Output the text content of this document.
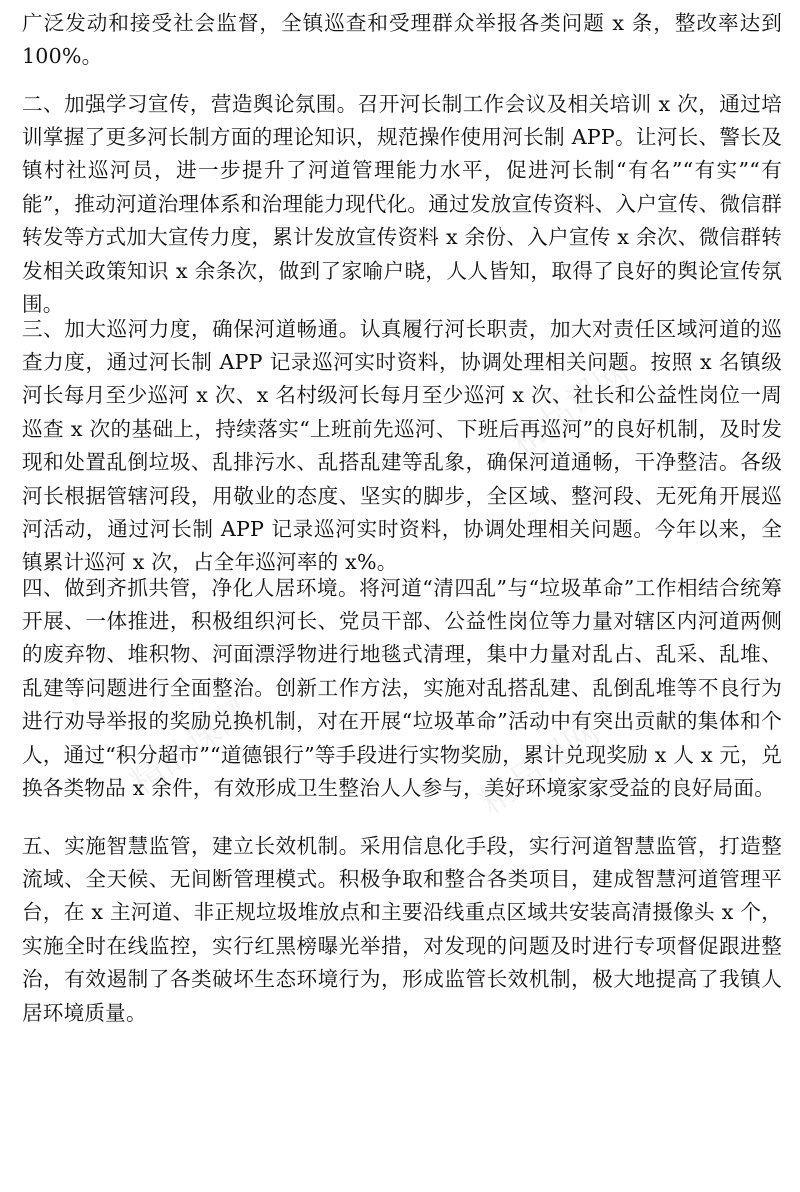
广泛发动和接受社会监督，全镇巡查和受理群众举报各类问题 x 条，整改率达到100%。

二、加强学习宣传，营造舆论氛围。召开河长制工作会议及相关培训 x 次，通过培训掌握了更多河长制方面的理论知识，规范操作使用河长制 APP。让河长、警长及镇村社巡河员，进一步提升了河道管理能力水平，促进河长制“有名”“有实”“有能”，推动河道治理体系和治理能力现代化。通过发放宣传资料、入户宣传、微信群转发等方式加大宣传力度，累计发放宣传资料 x 余份、入户宣传 x 余次、微信群转发相关政策知识 x 余条次，做到了家喻户晓，人人皆知，取得了良好的舆论宣传氛围。

三、加大巡河力度，确保河道畅通。认真履行河长职责，加大对责任区域河道的巡查力度，通过河长制 APP 记录巡河实时资料，协调处理相关问题。按照 x 名镇级河长每月至少巡河 x 次、x 名村级河长每月至少巡河 x 次、社长和公益性岗位一周巡查 x 次的基础上，持续落实“上班前先巡河、下班后再巡河”的良好机制，及时发现和处置乱倒垃圾、乱排污水、乱搭乱建等乱象，确保河道通畅，干净整洁。各级河长根据管辖河段，用敬业的态度、坚实的脚步，全区域、整河段、无死角开展巡河活动，通过河长制 APP 记录巡河实时资料，协调处理相关问题。今年以来，全镇累计巡河 x 次，占全年巡河率的 x%。

四、做到齐抓共管，净化人居环境。将河道“清四乱”与“垃圾革命”工作相结合统筹开展、一体推进，积极组织河长、党员干部、公益性岗位等力量对辖区内河道两侧的废弃物、堆积物、河面漂浮物进行地毯式清理，集中力量对乱占、乱采、乱堆、乱建等问题进行全面整治。创新工作方法，实施对乱搭乱建、乱倒乱堆等不良行为进行劝导举报的奖励兑换机制，对在开展“垃圾革命”活动中有突出贡献的集体和个人，通过“积分超市”“道德银行”等手段进行实物奖励，累计兑现奖励 x 人 x 元，兑换各类物品 x 余件，有效形成卫生整治人人参与，美好环境家家受益的良好局面。

五、实施智慧监管，建立长效机制。采用信息化手段，实行河道智慧监管，打造整流域、全天候、无间断管理模式。积极争取和整合各类项目，建成智慧河道管理平台，在 x 主河道、非正规垃圾堆放点和主要沿线重点区域共安装高清摄像头 x 个，实施全时在线监控，实行红黑榜曝光举措，对发现的问题及时进行专项督促跟进整治，有效遏制了各类破坏生态环境行为，形成监管长效机制，极大地提高了我镇人居环境质量。

精品课网
精品课网	精品课网
